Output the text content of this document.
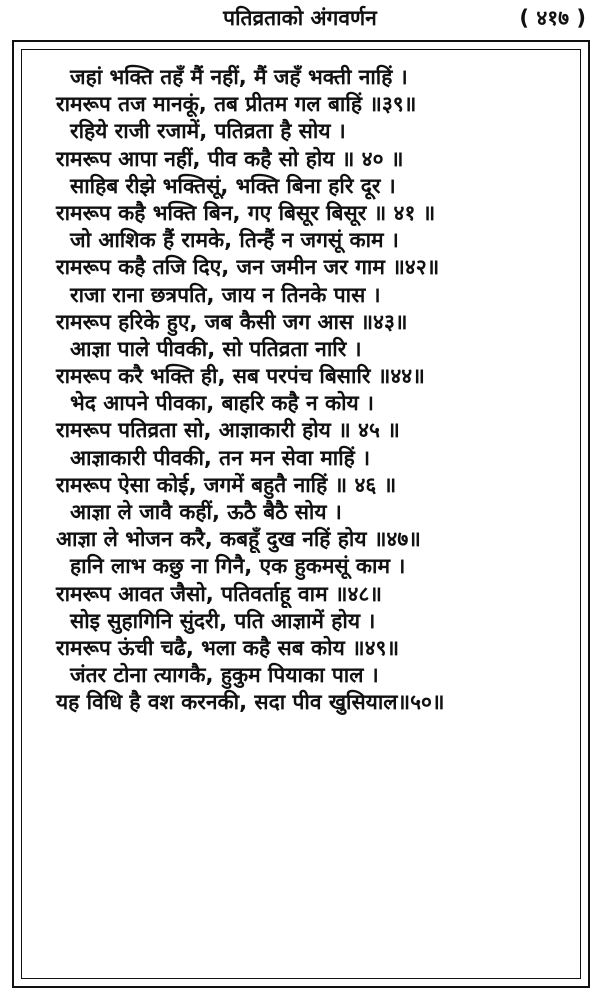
पतिव्रताको अंगवर्णन	( ४१७ )
जहां भक्ति तहँ मैं नहीं, मैं जहँ भक्ती नाहिं ।
रामरूप तज मानकूं, तब प्रीतम गल बाहिं ॥३९॥
रहिये राजी रजामें, पतिव्रता है सोय ।
रामरूप आपा नहीं, पीव कहै सो होय ॥ ४० ॥
साहिब रीझे भक्तिसूं, भक्ति बिना हरि दूर ।
रामरूप कहै भक्ति बिन, गए बिसूर बिसूर ॥ ४१ ॥
जो आशिक हैं रामके, तिन्हैं न जगसूं काम ।
रामरूप कहै तजि दिए, जन जमीन जर गाम ॥४२॥
राजा राना छत्रपति, जाय न तिनके पास ।
रामरूप हरिके हुए, जब कैसी जग आस ॥४३॥
आज्ञा पाले पीवकी, सो पतिव्रता नारि ।
रामरूप करै भक्ति ही, सब परपंच बिसारि ॥४४॥
भेद आपने पीवका, बाहरि कहै न कोय ।
रामरूप पतिव्रता सो, आज्ञाकारी होय ॥ ४५ ॥
आज्ञाकारी पीवकी, तन मन सेवा माहिं ।
रामरूप ऐसा कोई, जगमें बहुतै नाहिं ॥ ४६ ॥
आज्ञा ले जावै कहीं, ऊठै बैठै सोय ।
आज्ञा ले भोजन करै, कबहूँ दुख नहिं होय ॥४७॥
हानि लाभ कछु ना गिनै, एक हुकमसूं काम ।
रामरूप आवत जैसो, पतिवर्ताहू वाम ॥४८॥
सोइ सुहागिनि सुंदरी, पति आज्ञामें होय ।
रामरूप ऊंची चढै, भला कहै सब कोय ॥४९॥
जंतर टोना त्यागकै, हुकुम पियाका पाल ।
यह विधि है वश करनकी, सदा पीव खुसियाल॥५०॥
